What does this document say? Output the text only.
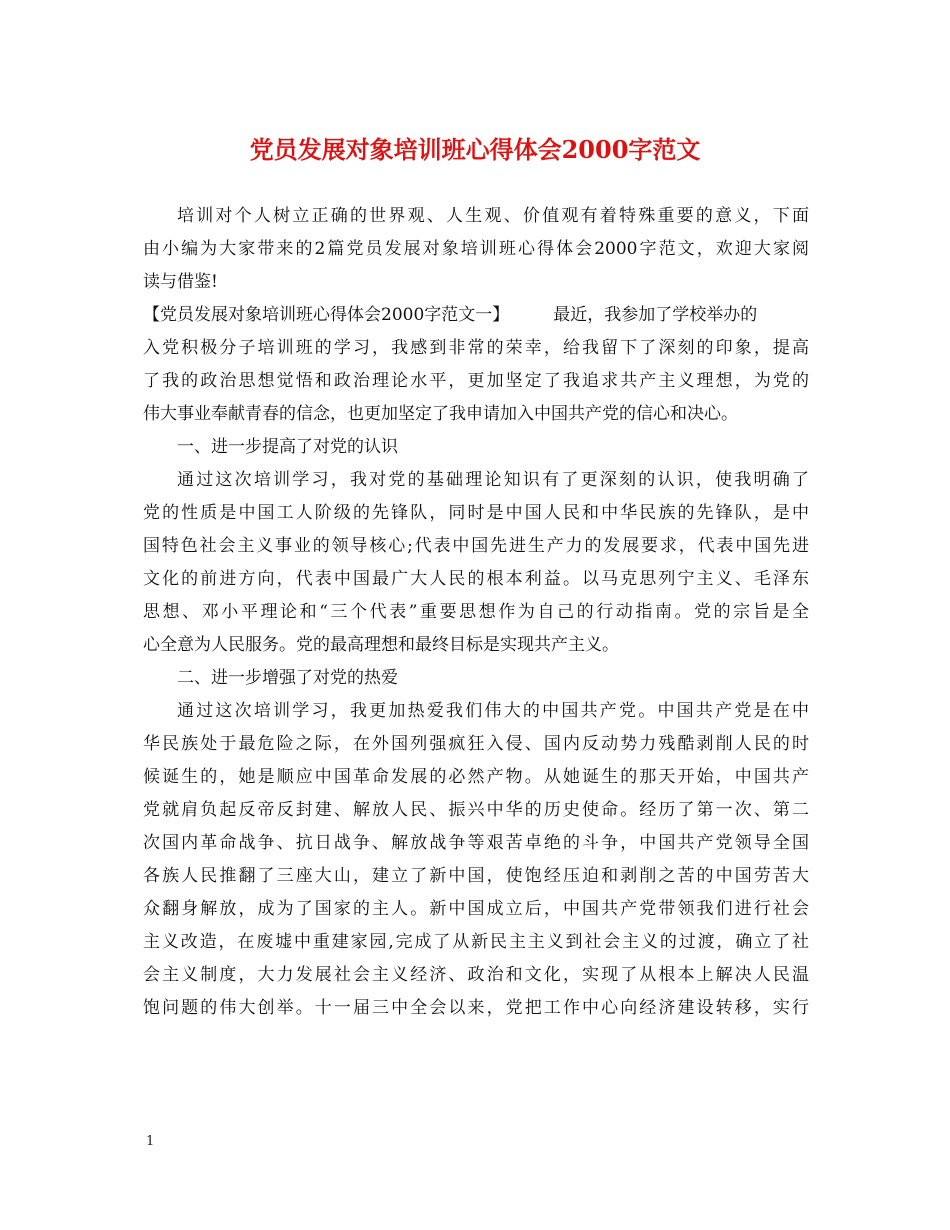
党员发展对象培训班心得体会2000字范文
培训对个人树立正确的世界观、人生观、价值观有着特殊重要的意义，下面
由小编为大家带来的2篇党员发展对象培训班心得体会2000字范文，欢迎大家阅
读与借鉴!
【党员发展对象培训班心得体会2000字范文一】	最近，我参加了学校举办的
入党积极分子培训班的学习，我感到非常的荣幸，给我留下了深刻的印象，提高
了我的政治思想觉悟和政治理论水平，更加坚定了我追求共产主义理想，为党的
伟大事业奉献青春的信念，也更加坚定了我申请加入中国共产党的信心和决心。
一、进一步提高了对党的认识
通过这次培训学习，我对党的基础理论知识有了更深刻的认识，使我明确了
党的性质是中国工人阶级的先锋队，同时是中国人民和中华民族的先锋队，是中
国特色社会主义事业的领导核心;代表中国先进生产力的发展要求，代表中国先进
文化的前进方向，代表中国最广大人民的根本利益。以马克思列宁主义、毛泽东
思想、邓小平理论和“三个代表”重要思想作为自己的行动指南。党的宗旨是全
心全意为人民服务。党的最高理想和最终目标是实现共产主义。
二、进一步增强了对党的热爱
通过这次培训学习，我更加热爱我们伟大的中国共产党。中国共产党是在中
华民族处于最危险之际，在外国列强疯狂入侵、国内反动势力残酷剥削人民的时
候诞生的，她是顺应中国革命发展的必然产物。从她诞生的那天开始，中国共产
党就肩负起反帝反封建、解放人民、振兴中华的历史使命。经历了第一次、第二
次国内革命战争、抗日战争、解放战争等艰苦卓绝的斗争，中国共产党领导全国
各族人民推翻了三座大山，建立了新中国，使饱经压迫和剥削之苦的中国劳苦大
众翻身解放，成为了国家的主人。新中国成立后，中国共产党带领我们进行社会
主义改造，在废墟中重建家园,完成了从新民主主义到社会主义的过渡，确立了社
会主义制度，大力发展社会主义经济、政治和文化，实现了从根本上解决人民温
饱问题的伟大创举。十一届三中全会以来，党把工作中心向经济建设转移，实行
1
